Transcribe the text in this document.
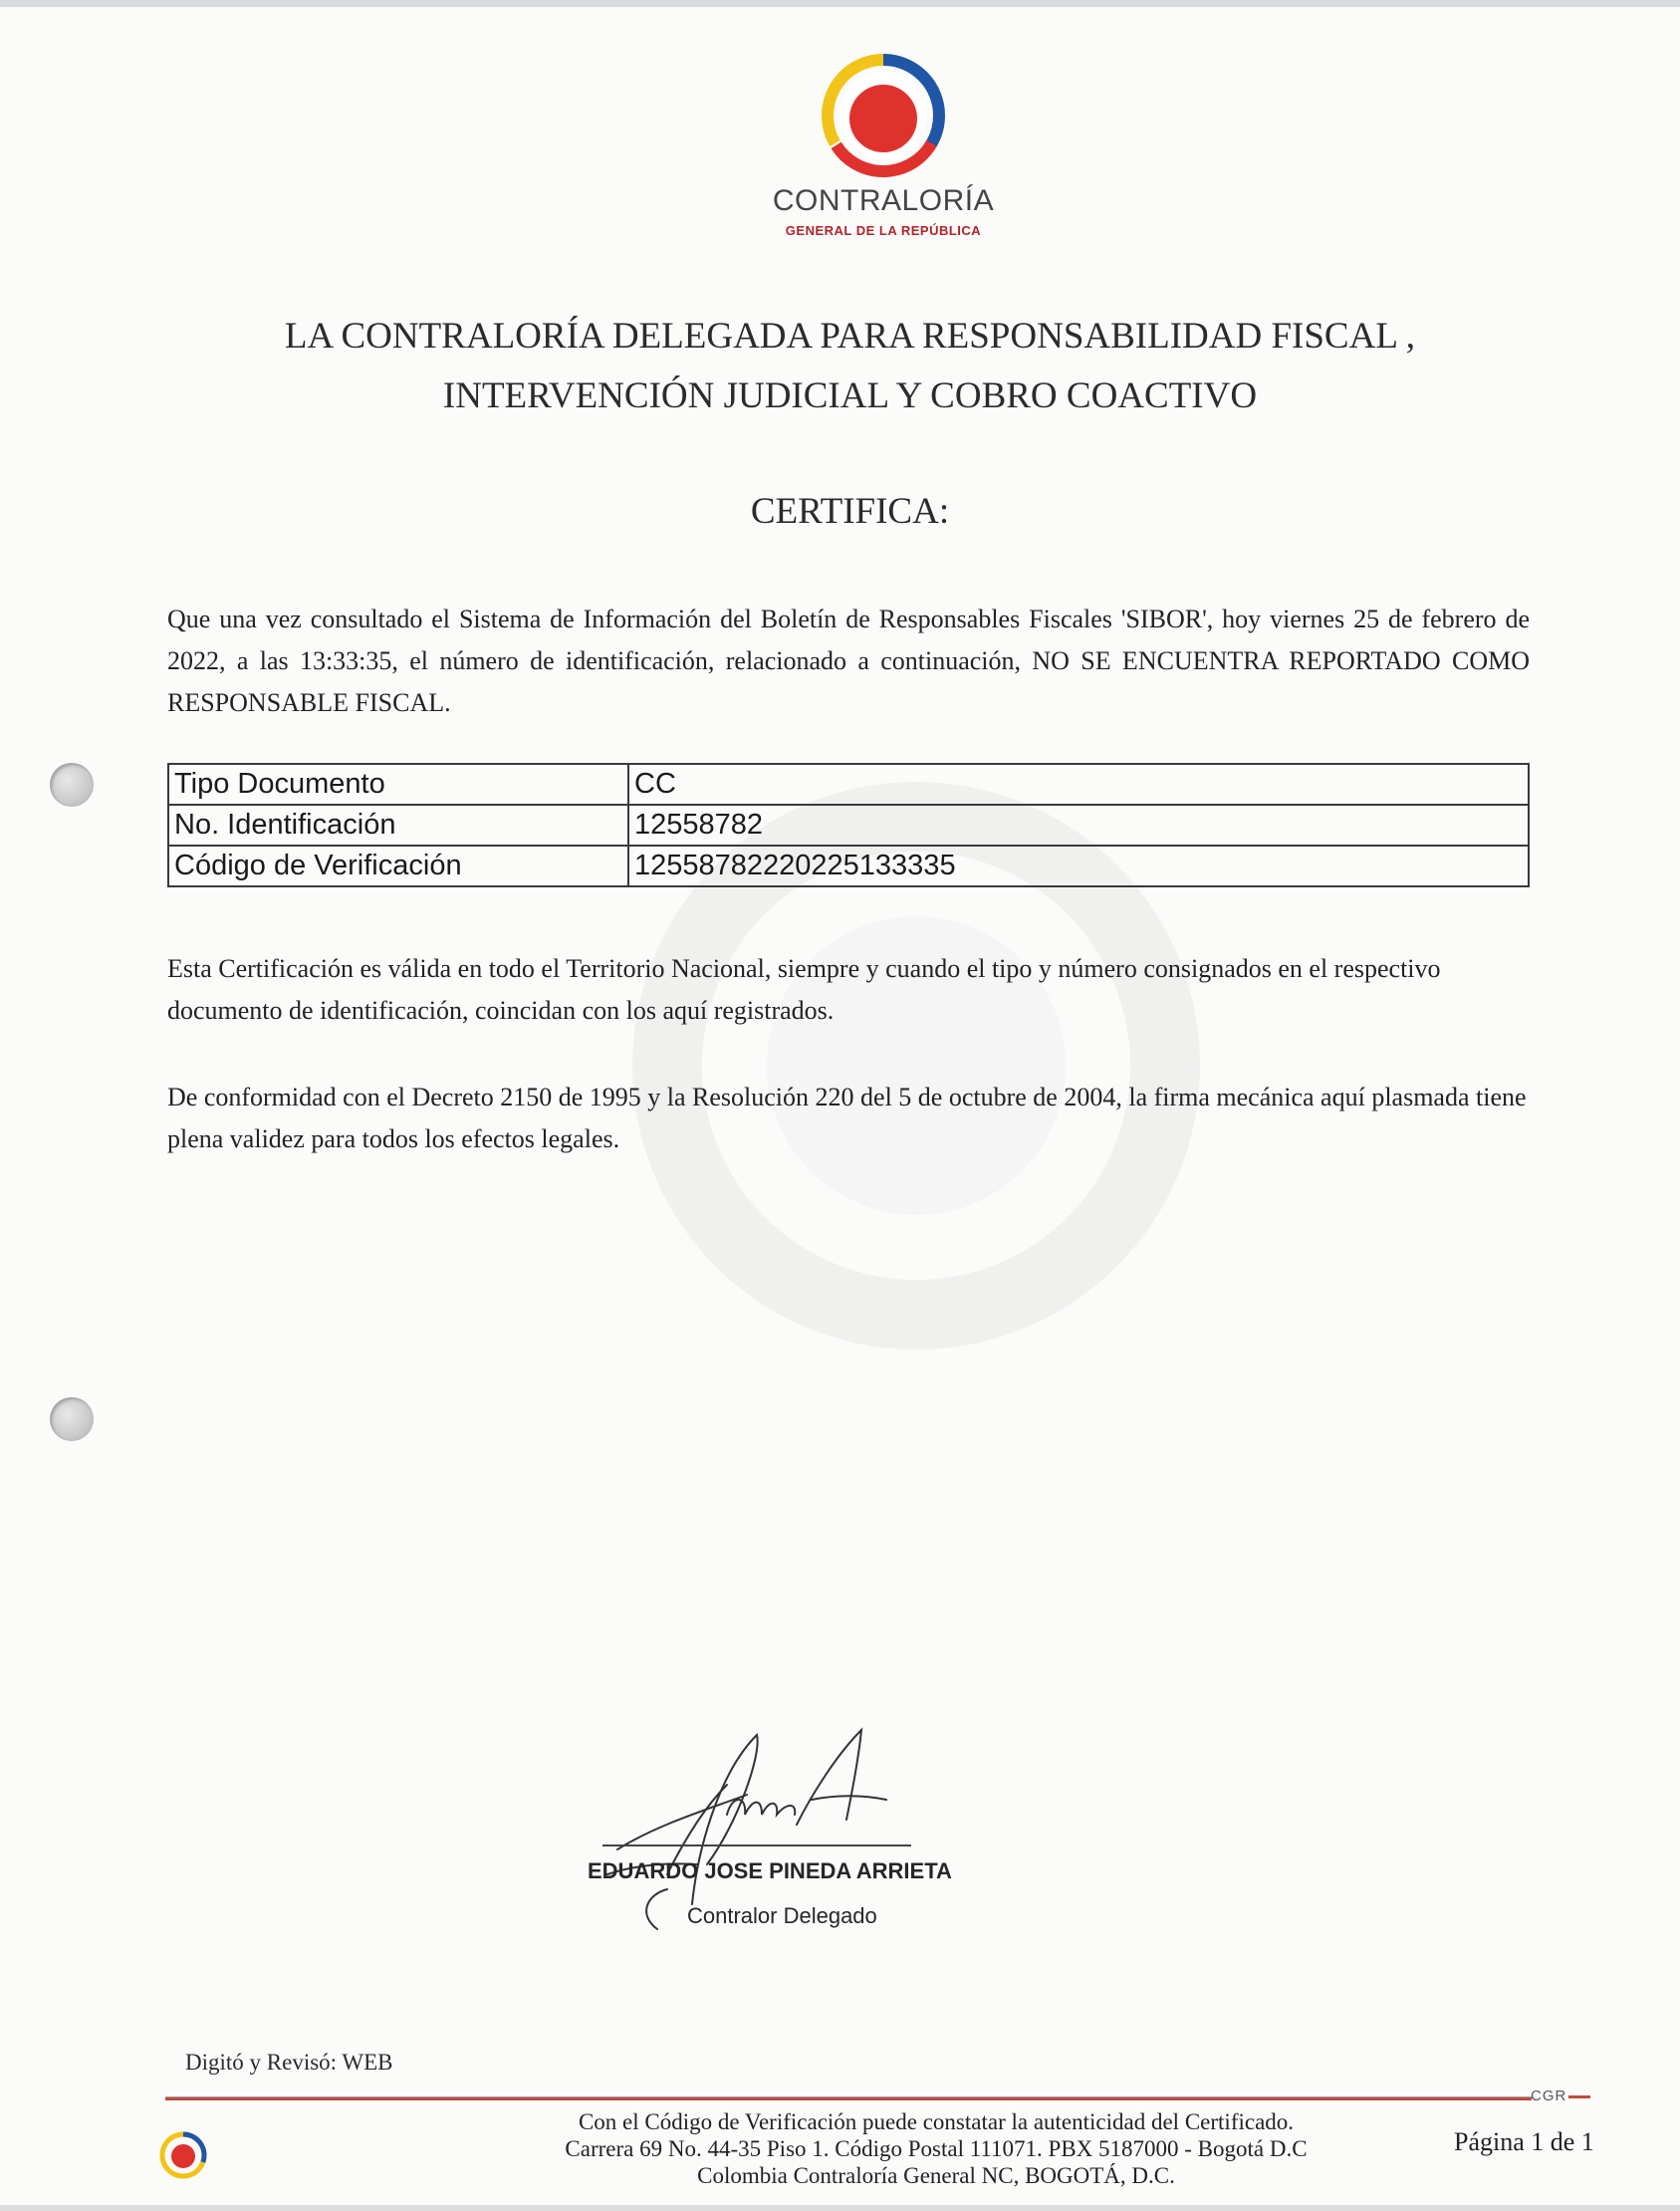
CONTRALORÍA
GENERAL DE LA REPÚBLICA
LA CONTRALORÍA DELEGADA PARA RESPONSABILIDAD FISCAL ,
INTERVENCIÓN JUDICIAL Y COBRO COACTIVO
CERTIFICA:
Que una vez consultado el Sistema de Información del Boletín de Responsables Fiscales 'SIBOR', hoy viernes 25 de febrero de 2022, a las 13:33:35, el número de identificación, relacionado a continuación, NO SE ENCUENTRA REPORTADO COMO RESPONSABLE FISCAL.
Tipo Documento	CC
No. Identificación	12558782
Código de Verificación	12558782220225133335
Esta Certificación es válida en todo el Territorio Nacional, siempre y cuando el tipo y número consignados en el respectivo documento de identificación, coincidan con los aquí registrados.
De conformidad con el Decreto 2150 de 1995 y la Resolución 220 del 5 de octubre de 2004, la firma mecánica aquí plasmada tiene plena validez para todos los efectos legales.
EDUARDO JOSE PINEDA ARRIETA
Contralor Delegado
Digitó y Revisó: WEB
CGR
Con el Código de Verificación puede constatar la autenticidad del Certificado.
Carrera 69 No. 44-35 Piso 1. Código Postal 111071. PBX 5187000 - Bogotá D.C
Colombia Contraloría General NC, BOGOTÁ, D.C.
Página 1 de 1
